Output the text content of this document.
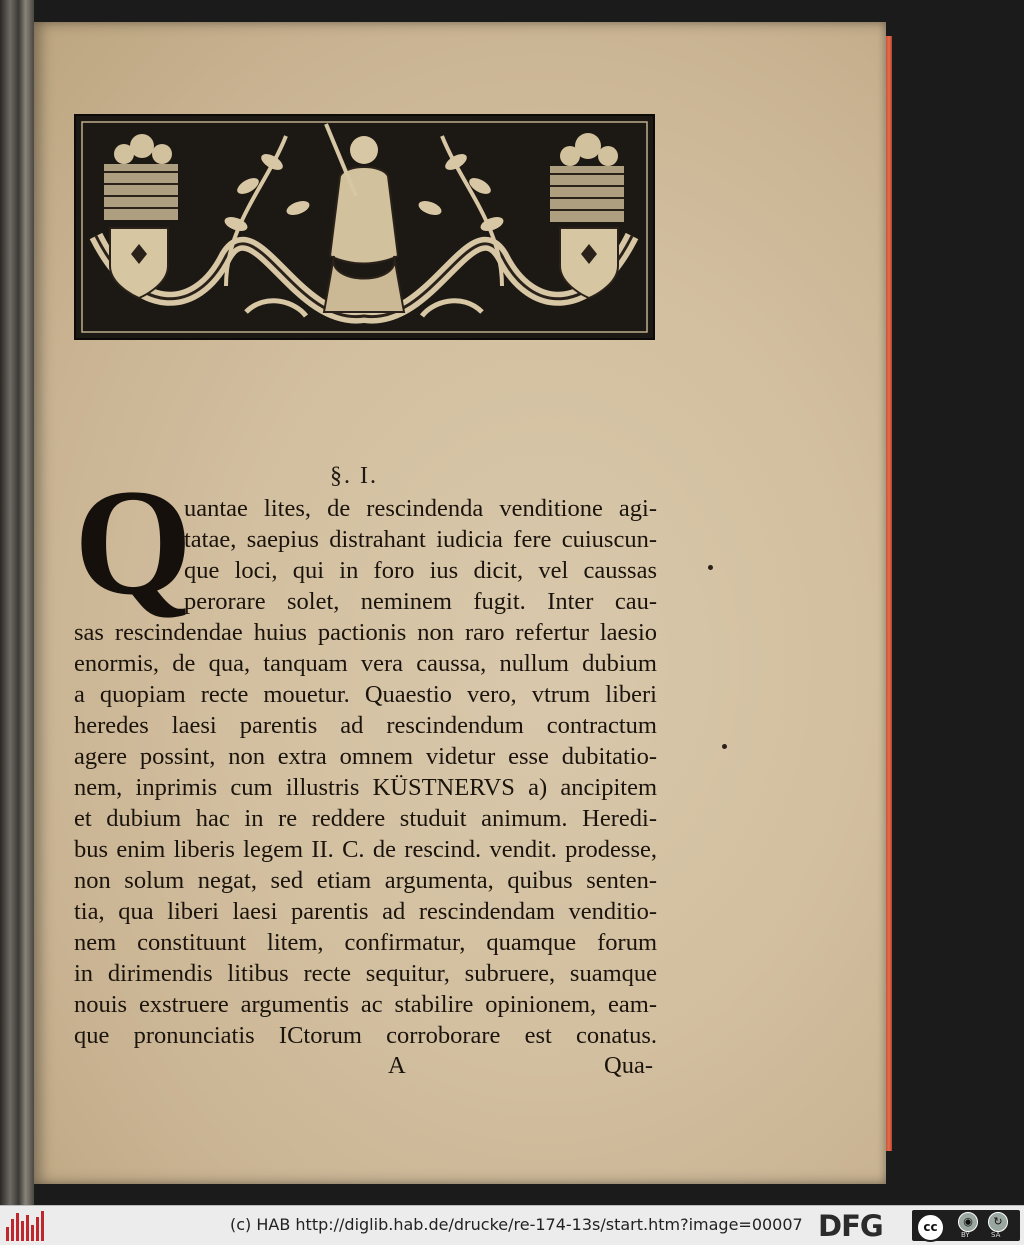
§. I.
Q
uantae lites, de rescindenda venditione agi-
tatae, saepius distrahant iudicia fere cuiuscun-
que loci, qui in foro ius dicit, vel caussas
perorare solet, neminem fugit. Inter cau-
sas rescindendae huius pactionis non raro refertur laesio
enormis, de qua, tanquam vera caussa, nullum dubium
a quopiam recte mouetur. Quaestio vero, vtrum liberi
heredes laesi parentis ad rescindendum contractum
agere possint, non extra omnem videtur esse dubitatio-
nem, inprimis cum illustris KÜSTNERVS a) ancipitem
et dubium hac in re reddere studuit animum. Heredi-
bus enim liberis legem II. C. de rescind. vendit. prodesse,
non solum negat, sed etiam argumenta, quibus senten-
tia, qua liberi laesi parentis ad rescindendam venditio-
nem constituunt litem, confirmatur, quamque forum
in dirimendis litibus recte sequitur, subruere, suamque
nouis exstruere argumentis ac stabilire opinionem, eam-
que pronunciatis ICtorum corroborare est conatus.
A	Qua-
(c) HAB http://diglib.hab.de/drucke/re-174-13s/start.htm?image=00007 DFG	cc	◉	↻
BY	SA
